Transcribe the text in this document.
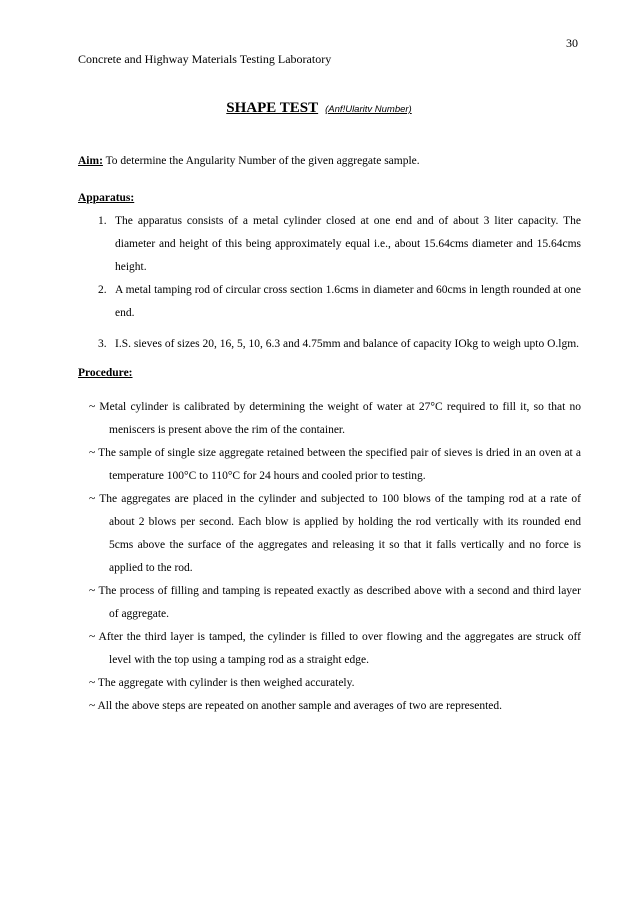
30
Concrete and Highway Materials Testing Laboratory
SHAPE TEST (Anf!Ularitv Number)

Aim: To determine the Angularity Number of the given aggregate sample.

Apparatus:
1. The apparatus consists of a metal cylinder closed at one end and of about 3 liter capacity. The diameter and height of this being approximately equal i.e., about 15.64cms diameter and 15.64cms height.
2. A metal tamping rod of circular cross section 1.6cms in diameter and 60cms in length rounded at one end.
3. I.S. sieves of sizes 20, 16, 5, 10, 6.3 and 4.75mm and balance of capacity IOkg to weigh upto O.lgm.
Procedure:
~ Metal cylinder is calibrated by determining the weight of water at 27°C required to fill it, so that no meniscers is present above the rim of the container.
~ The sample of single size aggregate retained between the specified pair of sieves is dried in an oven at a temperature 100°C to 110°C for 24 hours and cooled prior to testing.
~ The aggregates are placed in the cylinder and subjected to 100 blows of the tamping rod at a rate of about 2 blows per second. Each blow is applied by holding the rod vertically with its rounded end 5cms above the surface of the aggregates and releasing it so that it falls vertically and no force is applied to the rod.
~ The process of filling and tamping is repeated exactly as described above with a second and third layer of aggregate.
~ After the third layer is tamped, the cylinder is filled to over flowing and the aggregates are struck off level with the top using a tamping rod as a straight edge.
~ The aggregate with cylinder is then weighed accurately.
~ All the above steps are repeated on another sample and averages of two are represented.
